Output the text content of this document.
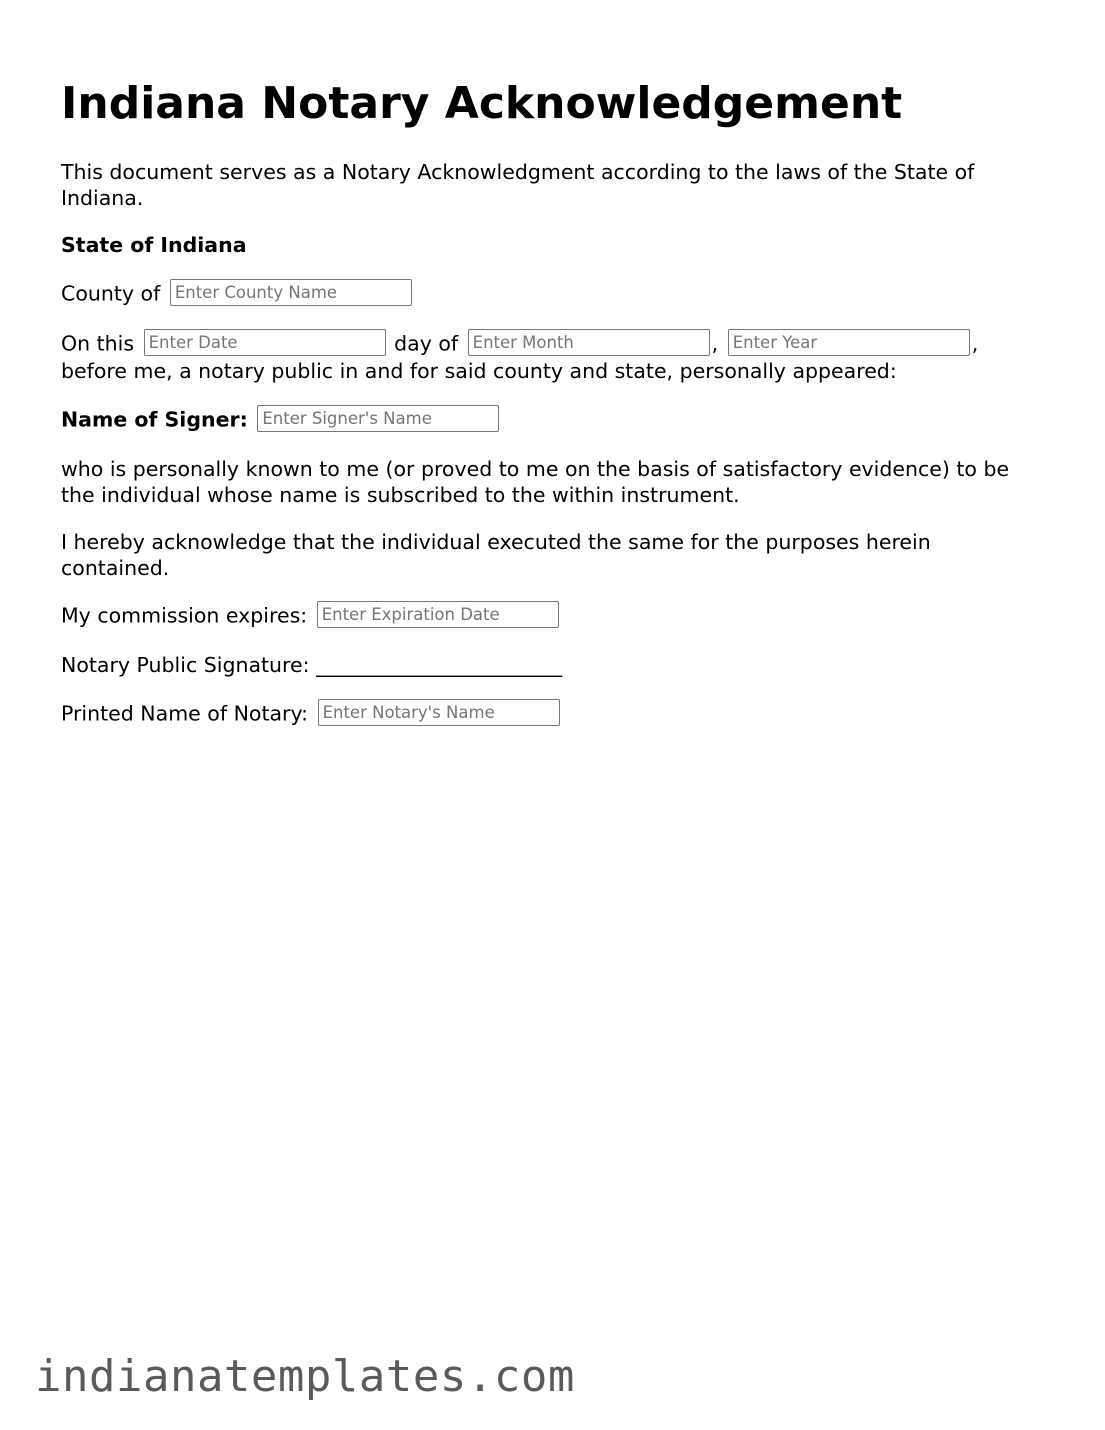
Indiana Notary Acknowledgement

This document serves as a Notary Acknowledgment according to the laws of the State of Indiana.

State of Indiana

County of Enter County Name

On this Enter Date	day of Enter Month	, Enter Year	,

before me, a notary public in and for said county and state, personally appeared:

Name of Signer: Enter Signer's Name

who is personally known to me (or proved to me on the basis of satisfactory evidence) to be the individual whose name is subscribed to the within instrument.

I hereby acknowledge that the individual executed the same for the purposes herein contained.

My commission expires: Enter Expiration Date

Notary Public Signature: ________________________

Printed Name of Notary: Enter Notary's Name

indianatemplates.com
